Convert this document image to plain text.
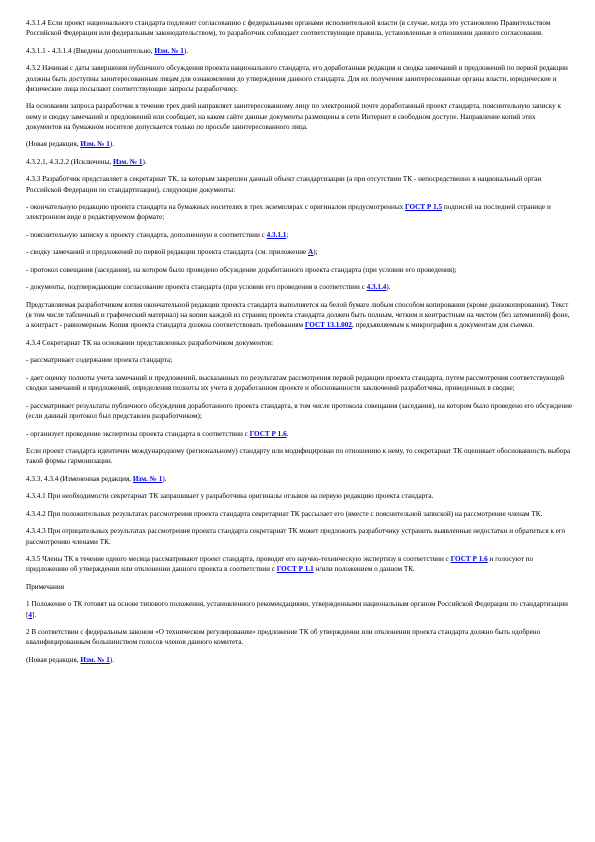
4.3.1.4 Если проект национального стандарта подлежит согласованию с федеральными органами исполнительной власти (в случае, когда это установлено Правительством Российской Федерации или федеральным законодательством), то разработчик соблюдает соответствующие правила, установленные в отношении данного согласования.

4.3.1.1 - 4.3.1.4 (Введены дополнительно, Изм. № 1).

4.3.2 Начиная с даты завершения публичного обсуждения проекта национального стандарта, его доработанная редакция и сводка замечаний и предложений по первой редакции должны быть доступны заинтересованным лицам для ознакомления до утверждения данного стандарта. Для их получения заинтересованные органы власти, юридические и физические лица посылают соответствующие запросы разработчику.

На основании запроса разработчик в течение трех дней направляет заинтересованному лицу по электронной почте доработанный проект стандарта, пояснительную записку к нему и сводку замечаний и предложений или сообщает, на каком сайте данные документы размещены в сети Интернет в свободном доступе. Направление копий этих документов на бумажном носителе допускается только по просьбе заинтересованного лица.

(Новая редакция, Изм. № 1).

4.3.2.1, 4.3.2.2 (Исключены, Изм. № 1).

4.3.3 Разработчик представляет в секретариат ТК, за которым закреплен данный объект стандартизации (а при отсутствии ТК - непосредственно в национальный орган Российской Федерации по стандартизации), следующие документы:

- окончательную редакцию проекта стандарта на бумажных носителях в трех экземплярах с оригиналом предусмотренных ГОСТ Р 1.5 подписей на последней странице и электронном виде в редактируемом формате;

- пояснительную записку к проекту стандарта, дополненную в соответствии с 4.3.1.1;

- сводку замечаний и предложений по первой редакции проекта стандарта (см. приложение А);

- протокол совещания (заседания), на котором было проведено обсуждение доработанного проекта стандарта (при условии его проведения);

- документы, подтверждающие согласование проекта стандарта (при условии его проведения в соответствии с 4.3.1.4).

Представляемая разработчиком копия окончательной редакции проекта стандарта выполняется на белой бумаге любым способом копирования (кроме диазокопирования). Текст (в том числе табличный и графический материал) на копии каждой из страниц проекта стандарта должен быть полным, четким и контрастным на чистом (без затемнений) фоне, а контраст - равномерным. Копия проекта стандарта должна соответствовать требованиям ГОСТ 13.1.002, предъявляемым к микрографии к документам для съемки.

4.3.4 Секретариат ТК на основании представленных разработчиком документов:

- рассматривает содержание проекта стандарта;

- дает оценку полноты учета замечаний и предложений, высказанных по результатам рассмотрения первой редакции проекта стандарта, путем рассмотрения соответствующей сводки замечаний и предложений, определения полноты их учета в доработанном проекте и обоснованности заключений разработчика, приведенных в сводке;

- рассматривает результаты публичного обсуждения доработанного проекта стандарта, в том числе протокола совещания (заседания), на котором было проведено его обсуждение (если данный протокол был представлен разработчиком);

- организует проведение экспертизы проекта стандарта в соответствии с ГОСТ Р 1.6.

Если проект стандарта идентичен международному (региональному) стандарту или модифицирован по отношению к нему, то секретариат ТК оценивает обоснованность выбора такой формы гармонизации.

4.3.3, 4.3.4 (Измененная редакция, Изм. № 1).

4.3.4.1 При необходимости секретариат ТК запрашивает у разработчика оригиналы отзывов на первую редакцию проекта стандарта.

4.3.4.2 При положительных результатах рассмотрения проекта стандарта секретариат ТК рассылает его (вместе с пояснительной запиской) на рассмотрение членам ТК.

4.3.4.3 При отрицательных результатах рассмотрения проекта стандарта секретариат ТК может предложить разработчику устранить выявленные недостатки и обратиться к его рассмотрению членами ТК.

4.3.5 Члены ТК в течение одного месяца рассматривают проект стандарта, проводят его научно-техническую экспертизу в соответствии с ГОСТ Р 1.6 и голосуют по предложению об утверждении или отклонении данного проекта в соответствии с ГОСТ Р 1.1 и/или положением о данном ТК.

Примечания

1 Положение о ТК готовят на основе типового положения, установленного рекомендациями, утвержденными национальным органом Российской Федерации по стандартизации [4].

2 В соответствии с федеральным законом «О техническом регулировании» предложение ТК об утверждении или отклонении проекта стандарта должно быть одобрено квалифицированным большинством голосов членов данного комитета.

(Новая редакция, Изм. № 1).
